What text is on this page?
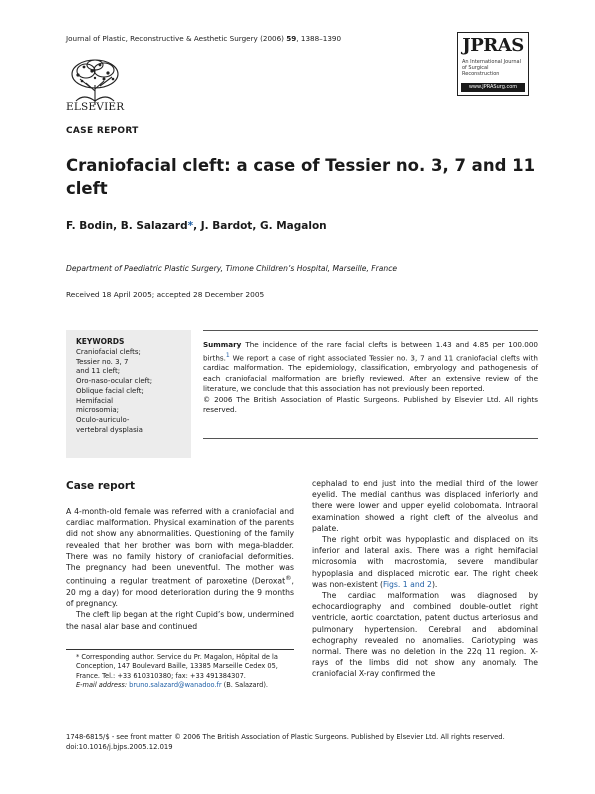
Journal of Plastic, Reconstructive & Aesthetic Surgery (2006) 59, 1388–1390
ELSEVIER
JPRAS
An International Journal of Surgical Reconstruction
www.JPRASurg.com
CASE REPORT
Craniofacial cleft: a case of Tessier no. 3, 7 and 11 cleft
F. Bodin, B. Salazard*, J. Bardot, G. Magalon
Department of Paediatric Plastic Surgery, Timone Children’s Hospital, Marseille, France
Received 18 April 2005; accepted 28 December 2005
KEYWORDS
Craniofacial clefts;
Tessier no. 3, 7
and 11 cleft;
Oro-naso-ocular cleft;
Oblique facial cleft;
Hemifacial
microsomia;
Oculo-auriculo-
vertebral dysplasia
Summary The incidence of the rare facial clefts is between 1.43 and 4.85 per 100.000 births.$^1$ We report a case of right associated Tessier no. 3, 7 and 11 craniofacial clefts with cardiac malformation. The epidemiology, classification, embryology and pathogenesis of each craniofacial malformation are briefly reviewed. After an extensive review of the literature, we conclude that this association has not previously been reported.
© 2006 The British Association of Plastic Surgeons. Published by Elsevier Ltd. All rights reserved.
Case report

A 4-month-old female was referred with a craniofacial and cardiac malformation. Physical examination of the parents did not show any abnormalities. Questioning of the family revealed that her brother was born with mega-bladder. There was no family history of craniofacial deformities. The pregnancy had been uneventful. The mother was continuing a regular treatment of paroxetine (Deroxat®, 20 mg a day) for mood deterioration during the 9 months of pregnancy.

The cleft lip began at the right Cupid’s bow, undermined the nasal alar base and continued

cephalad to end just into the medial third of the lower eyelid. The medial canthus was displaced inferiorly and there were lower and upper eyelid colobomata. Intraoral examination showed a right cleft of the alveolus and palate.

The right orbit was hypoplastic and displaced on its inferior and lateral axis. There was a right hemifacial microsomia with macrostomia, severe mandibular hypoplasia and displaced microtic ear. The right cheek was non-existent (Figs. 1 and 2).

The cardiac malformation was diagnosed by echocardiography and combined double-outlet right ventricle, aortic coarctation, patent ductus arteriosus and pulmonary hypertension. Cerebral and abdominal echography revealed no anomalies. Cariotyping was normal. There was no deletion in the 22q 11 region. X-rays of the limbs did not show any anomaly. The craniofacial X-ray confirmed the

* Corresponding author. Service du Pr. Magalon, Hôpital de la Conception, 147 Boulevard Baille, 13385 Marseille Cedex 05, France. Tel.: +33 610310380; fax: +33 491384307.
E-mail address: bruno.salazard@wanadoo.fr (B. Salazard).
1748-6815/$ - see front matter © 2006 The British Association of Plastic Surgeons. Published by Elsevier Ltd. All rights reserved.
doi:10.1016/j.bjps.2005.12.019
